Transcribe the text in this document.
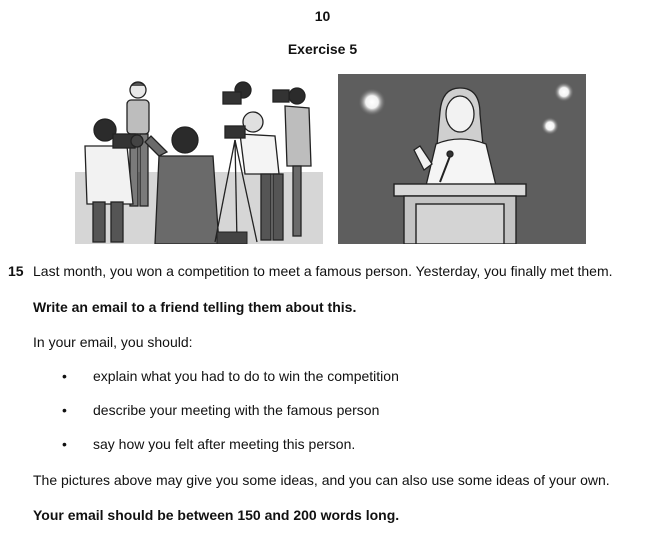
10
Exercise 5
15 Last month, you won a competition to meet a famous person. Yesterday, you finally met them.
Write an email to a friend telling them about this.
In your email, you should:
• explain what you had to do to win the competition
• describe your meeting with the famous person
• say how you felt after meeting this person.
The pictures above may give you some ideas, and you can also use some ideas of your own.
Your email should be between 150 and 200 words long.
